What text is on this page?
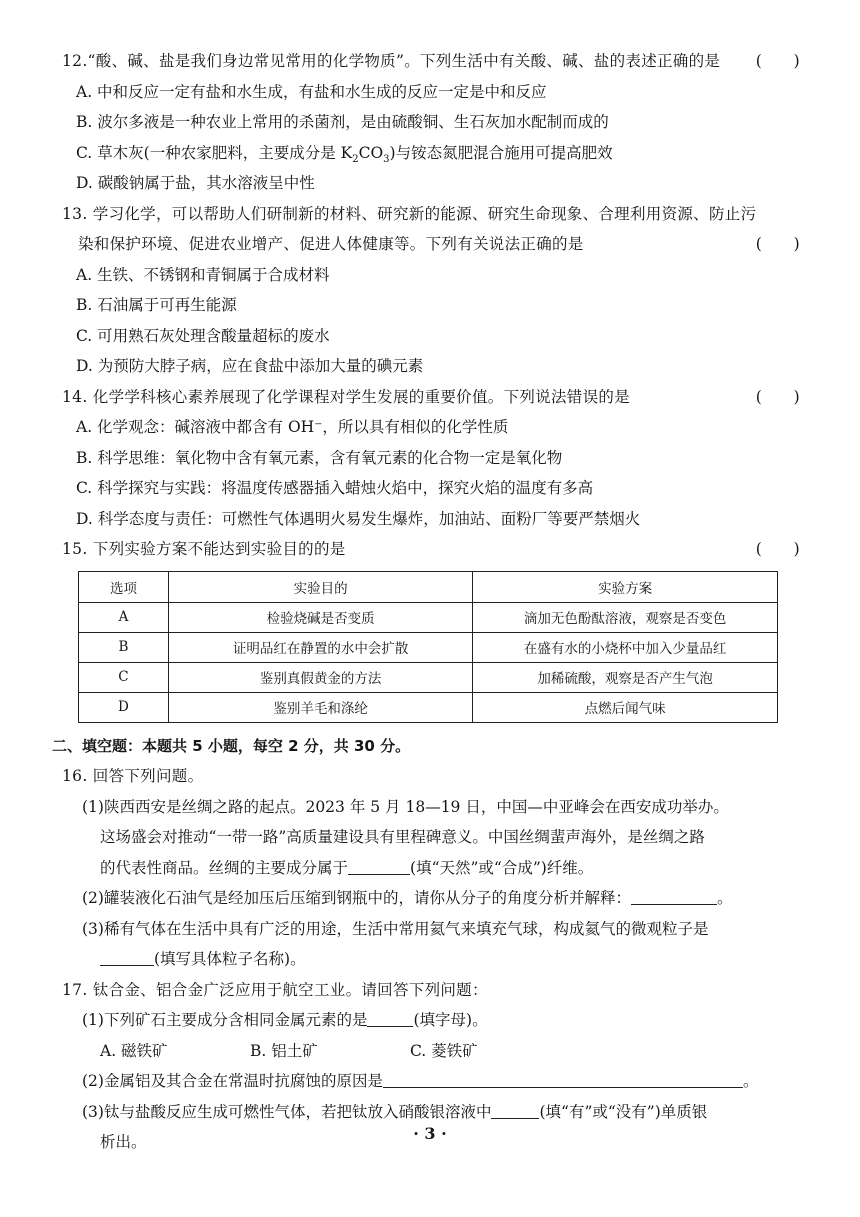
12.“酸、碱、盐是我们身边常见常用的化学物质”。下列生活中有关酸、碱、盐的表述正确的是 (　　)
A. 中和反应一定有盐和水生成，有盐和水生成的反应一定是中和反应
B. 波尔多液是一种农业上常用的杀菌剂，是由硫酸铜、生石灰加水配制而成的
C. 草木灰(一种农家肥料，主要成分是 $K_2CO_3$)与铵态氮肥混合施用可提高肥效
D. 碳酸钠属于盐，其水溶液呈中性
13. 学习化学，可以帮助人们研制新的材料、研究新的能源、研究生命现象、合理利用资源、防止污
染和保护环境、促进农业增产、促进人体健康等。下列有关说法正确的是	(　　)
A. 生铁、不锈钢和青铜属于合成材料
B. 石油属于可再生能源
C. 可用熟石灰处理含酸量超标的废水
D. 为预防大脖子病，应在食盐中添加大量的碘元素
14. 化学学科核心素养展现了化学课程对学生发展的重要价值。下列说法错误的是	(　　)
A. 化学观念：碱溶液中都含有 OH⁻，所以具有相似的化学性质
B. 科学思维：氧化物中含有氧元素，含有氧元素的化合物一定是氧化物
C. 科学探究与实践：将温度传感器插入蜡烛火焰中，探究火焰的温度有多高
D. 科学态度与责任：可燃性气体遇明火易发生爆炸，加油站、面粉厂等要严禁烟火
15. 下列实验方案不能达到实验目的的是	(　　)
选项	实验目的	实验方案
A	检验烧碱是否变质	滴加无色酚酞溶液，观察是否变色
B	证明品红在静置的水中会扩散	在盛有水的小烧杯中加入少量品红
C	鉴别真假黄金的方法	加稀硫酸，观察是否产生气泡
D	鉴别羊毛和涤纶	点燃后闻气味
二、填空题：本题共 5 小题，每空 2 分，共 30 分。
16. 回答下列问题。
(1)陕西西安是丝绸之路的起点。2023 年 5 月 18—19 日，中国—中亚峰会在西安成功举办。
这场盛会对推动“一带一路”高质量建设具有里程碑意义。中国丝绸蜚声海外，是丝绸之路
的代表性商品。丝绸的主要成分属于	(填“天然”或“合成”)纤维。
(2)罐装液化石油气是经加压后压缩到钢瓶中的，请你从分子的角度分析并解释：	。
(3)稀有气体在生活中具有广泛的用途，生活中常用氦气来填充气球，构成氦气的微观粒子是
(填写具体粒子名称)。
17. 钛合金、铝合金广泛应用于航空工业。请回答下列问题：
(1)下列矿石主要成分含相同金属元素的是	(填字母)。
A. 磁铁矿	B. 铝土矿	C. 菱铁矿
(2)金属铝及其合金在常温时抗腐蚀的原因是	。
(3)钛与盐酸反应生成可燃性气体，若把钛放入硝酸银溶液中	(填“有”或“没有”)单质银
析出。	· 3 ·
